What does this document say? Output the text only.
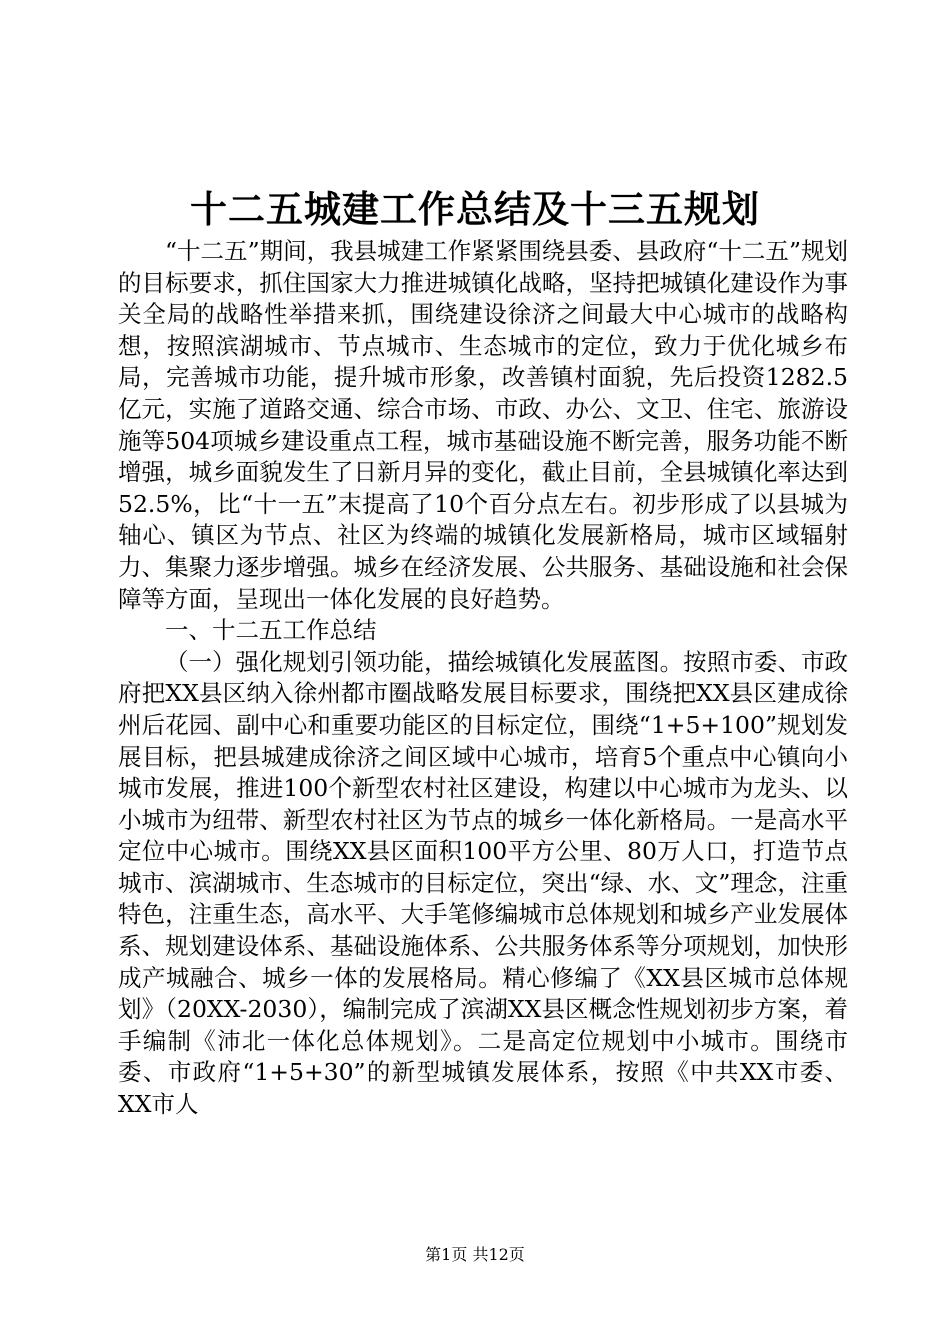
十二五城建工作总结及十三五规划

“十二五”期间，我县城建工作紧紧围绕县委、县政府“十二五”规划的目标要求，抓住国家大力推进城镇化战略，坚持把城镇化建设作为事关全局的战略性举措来抓，围绕建设徐济之间最大中心城市的战略构想，按照滨湖城市、节点城市、生态城市的定位，致力于优化城乡布局，完善城市功能，提升城市形象，改善镇村面貌，先后投资1282.5亿元，实施了道路交通、综合市场、市政、办公、文卫、住宅、旅游设施等504项城乡建设重点工程，城市基础设施不断完善，服务功能不断增强，城乡面貌发生了日新月异的变化，截止目前，全县城镇化率达到52.5%，比“十一五”末提高了10个百分点左右。初步形成了以县城为轴心、镇区为节点、社区为终端的城镇化发展新格局，城市区域辐射力、集聚力逐步增强。城乡在经济发展、公共服务、基础设施和社会保障等方面，呈现出一体化发展的良好趋势。

一、十二五工作总结

（一）强化规划引领功能，描绘城镇化发展蓝图。按照市委、市政府把XX县区纳入徐州都市圈战略发展目标要求，围绕把XX县区建成徐州后花园、副中心和重要功能区的目标定位，围绕“1+5+100”规划发展目标，把县城建成徐济之间区域中心城市，培育5个重点中心镇向小城市发展，推进100个新型农村社区建设，构建以中心城市为龙头、以小城市为纽带、新型农村社区为节点的城乡一体化新格局。一是高水平定位中心城市。围绕XX县区面积100平方公里、80万人口，打造节点城市、滨湖城市、生态城市的目标定位，突出“绿、水、文”理念，注重特色，注重生态，高水平、大手笔修编城市总体规划和城乡产业发展体系、规划建设体系、基础设施体系、公共服务体系等分项规划，加快形成产城融合、城乡一体的发展格局。精心修编了《XX县区城市总体规划》（20XX-2030），编制完成了滨湖XX县区概念性规划初步方案，着手编制《沛北一体化总体规划》。二是高定位规划中小城市。围绕市委、市政府“1+5+30”的新型城镇发展体系，按照《中共XX市委、XX市人

第1页 共12页
